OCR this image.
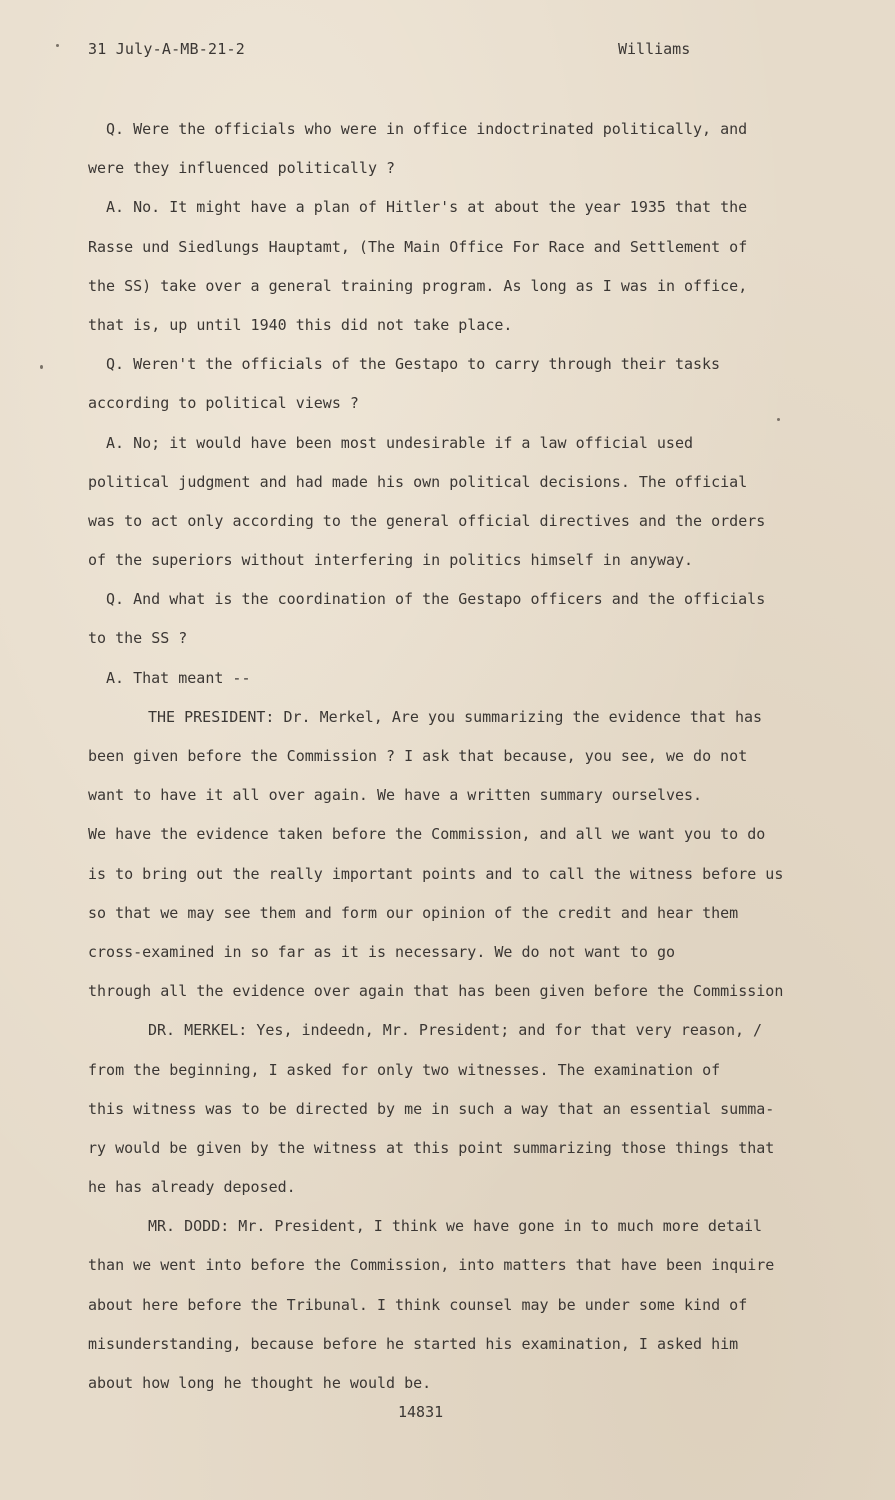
31 July-A-MB-21-2	Williams
Q. Were the officials who were in office indoctrinated politically, and
were they influenced politically ?
A. No. It might have a plan of Hitler's at about the year 1935 that the
Rasse und Siedlungs Hauptamt, (The Main Office For Race and Settlement of
the SS) take over a general training program. As long as I was in office,
that is, up until 1940 this did not take place.
Q. Weren't the officials of the Gestapo to carry through their tasks
according to political views ?
A. No; it would have been most undesirable if a law official used
political judgment and had made his own political decisions. The official
was to act only according to the general official directives and the orders
of the superiors without interfering in politics himself in anyway.
Q. And what is the coordination of the Gestapo officers and the officials
to the SS ?
A. That meant --
THE PRESIDENT: Dr. Merkel, Are you summarizing the evidence that has
been given before the Commission ? I ask that because, you see, we do not
want to have it all over again. We have a written summary ourselves.
We have the evidence taken before the Commission, and all we want you to do
is to bring out the really important points and to call the witness before us
so that we may see them and form our opinion of the credit and hear them
cross-examined in so far as it is necessary. We do not want to go
through all the evidence over again that has been given before the Commission
DR. MERKEL: Yes, indeedn, Mr. President; and for that very reason, /
from the beginning, I asked for only two witnesses. The examination of
this witness was to be directed by me in such a way that an essential summa-
ry would be given by the witness at this point summarizing those things that
he has already deposed.
MR. DODD: Mr. President, I think we have gone in to much more detail
than we went into before the Commission, into matters that have been inquire
about here before the Tribunal. I think counsel may be under some kind of
misunderstanding, because before he started his examination, I asked him
about how long he thought he would be.
14831
